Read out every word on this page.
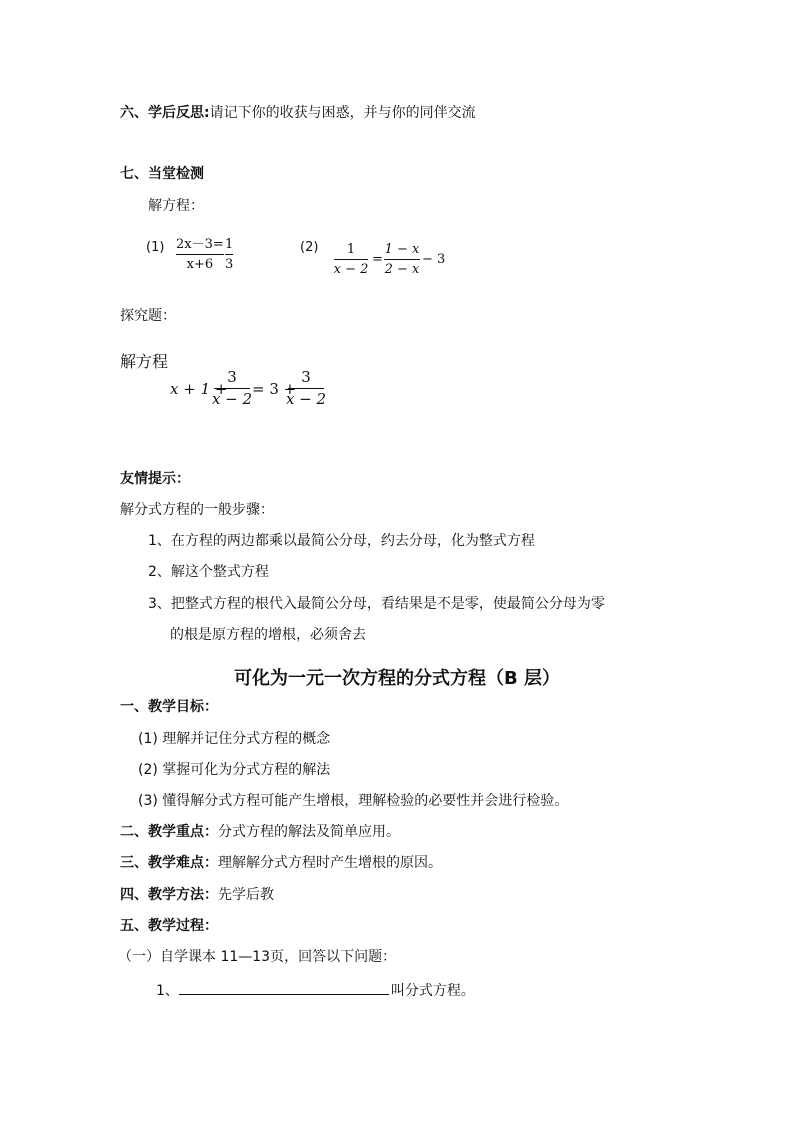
六、学后反思:请记下你的收获与困惑，并与你的同伴交流
七、当堂检测
解方程：
(1) 2x－3=
x+6
1
3
(2) 1
x − 2
=
1 − x
2 − x
− 3
探究题：
解方程
x + 1 +
3
x − 2
= 3 +
3
x − 2
友情提示：
解分式方程的一般步骤：
1、在方程的两边都乘以最简公分母，约去分母，化为整式方程
2、解这个整式方程
3、把整式方程的根代入最简公分母，看结果是不是零，使最简公分母为零
的根是原方程的增根，必须舍去
可化为一元一次方程的分式方程（B 层）
一、教学目标：
(1) 理解并记住分式方程的概念
(2) 掌握可化为分式方程的解法
(3) 懂得解分式方程可能产生增根，理解检验的必要性并会进行检验。
二、教学重点：分式方程的解法及简单应用。
三、教学难点：理解解分式方程时产生增根的原因。
四、教学方法：先学后教
五、教学过程：
（一）自学课本 11—13页，回答以下问题：
1、	叫分式方程。
